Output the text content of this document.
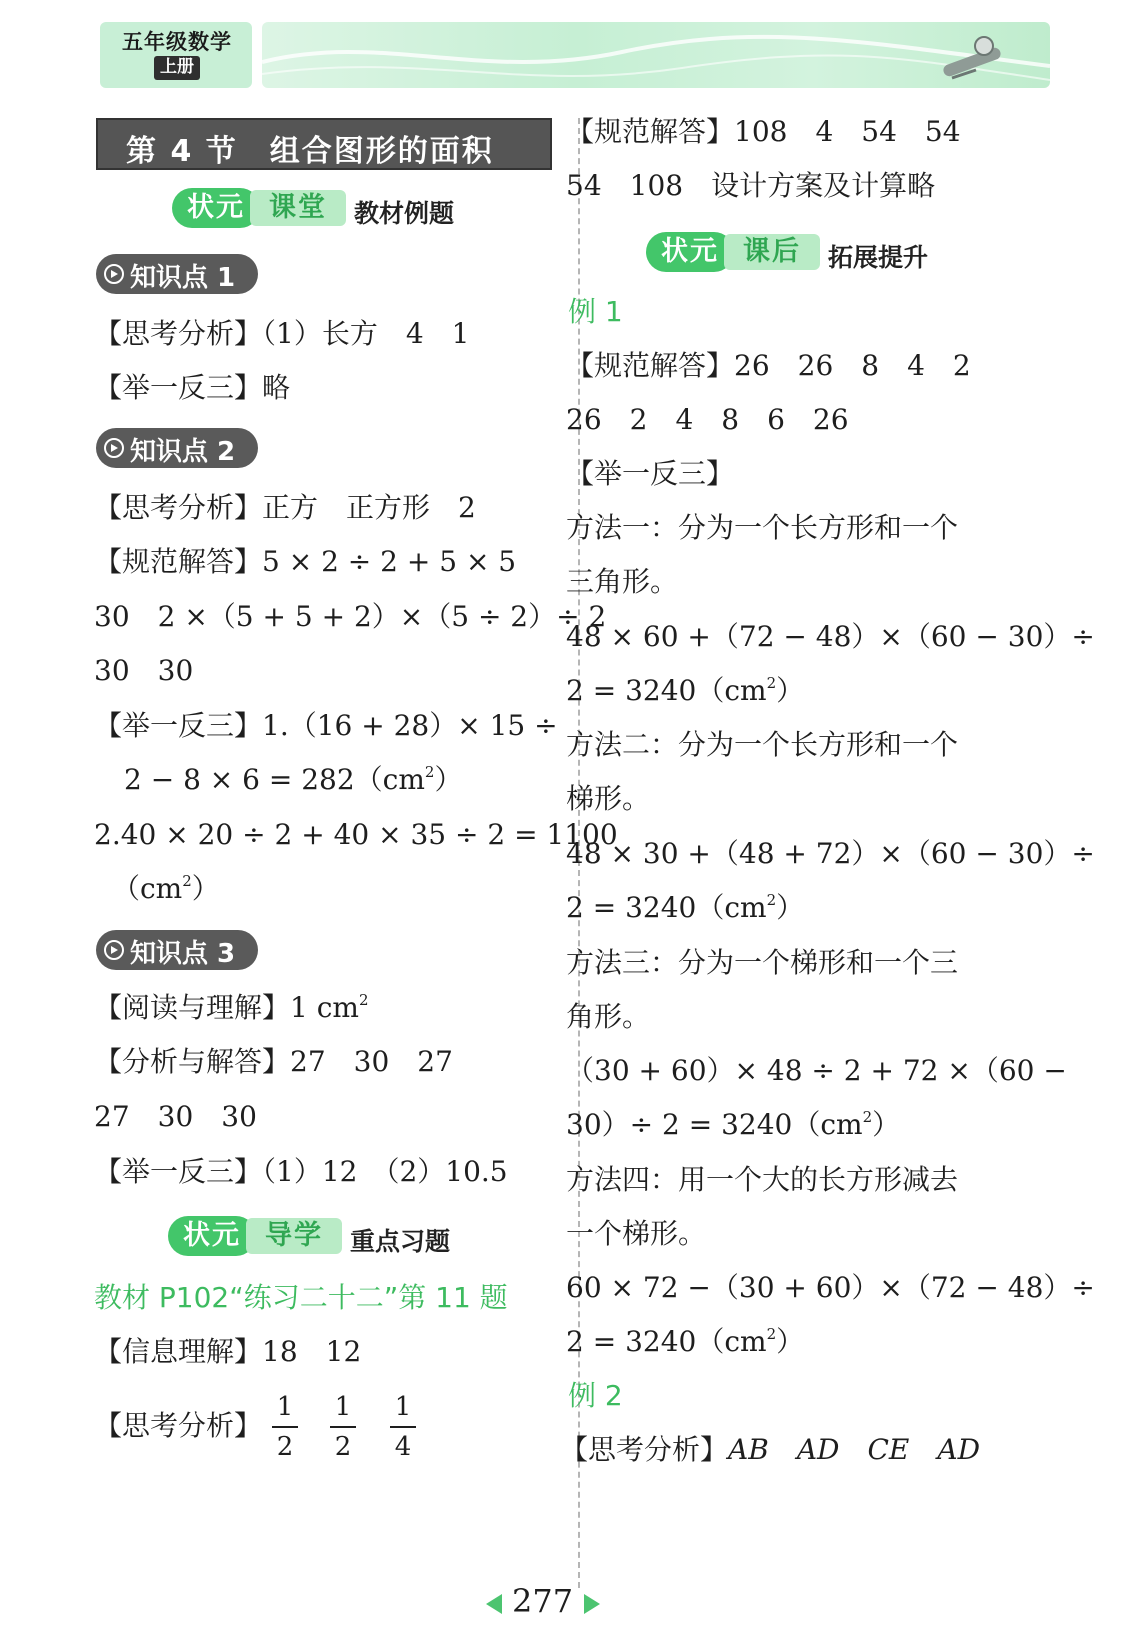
五年级数学
上册
第 4 节　组合图形的面积
状元 课堂	教材例题
知识点 1
【思考分析】（1）长方　4　1
【举一反三】略
知识点 2
【思考分析】正方　正方形　2
【规范解答】5 × 2 ÷ 2 + 5 × 5
30　2 ×（5 + 5 + 2）×（5 ÷ 2）÷ 2
30　30
【举一反三】1.（16 + 28）× 15 ÷
$2 - 8 \times 6 = 282(cm^2)$
2.40 × 20 ÷ 2 + 40 × 35 ÷ 2 = 1100
$(cm^2)$
知识点 3
【阅读与理解】1 $cm^2$
【分析与解答】27　30　27
27　30　30
【举一反三】（1）12　（2）10.5
状元 导学	重点习题
教材 P102“练习二十二”第 11 题
【信息理解】18　12
【思考分析】
1
2
1
2
1
4
【规范解答】108　4　54　54
54　108　设计方案及计算略
状元 课后	拓展提升
例 1
【规范解答】26　26　8　4　2
26　2　4　8　6　26
【举一反三】
方法一：分为一个长方形和一个
三角形。
48 × 60 +（72 − 48）×（60 − 30）÷
$2 = 3240(cm^2)$
方法二：分为一个长方形和一个
梯形。
48 × 30 +（48 + 72）×（60 − 30）÷
$2 = 3240(cm^2)$
方法三：分为一个梯形和一个三
角形。
（30 + 60）× 48 ÷ 2 + 72 ×（60 −
$30)\div 2 = 3240(cm^2)$
方法四：用一个大的长方形减去
一个梯形。
60 × 72 −（30 + 60）×（72 − 48）÷
$2 = 3240(cm^2)$
例 2
【思考分析】AB　AD　CE　AD
277
